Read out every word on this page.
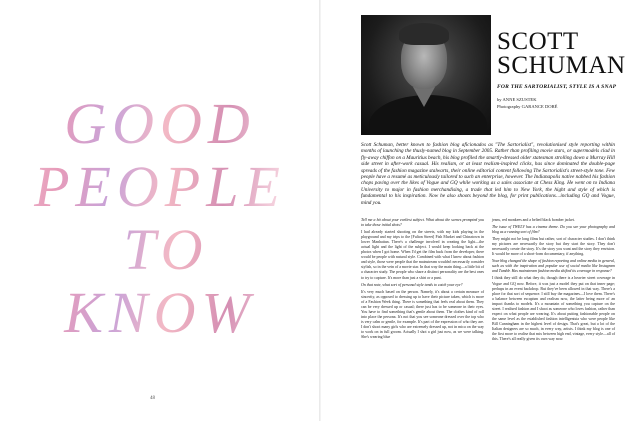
GOOD
PEOPLE
TO
KNOW
48
SCOTT
SCHUMAN
FOR THE SARTORIALIST, STYLE IS A SNAP
by ANNE SZUSTEK
Photography GARANCE DORÉ
Scott Schuman, better known to fashion blog aficionados as "The Sartorialist", revolutionised style reporting within months of launching the thusly-named blog in September 2005. Rather than profiling movie stars, or supermodels clad in fly-away chiffon on a Mauritius beach, his blog profiled the smartly-dressed older statesman strolling down a Murray Hill side street in after-work casual. His realism, or at least realism-inspired clicks, has since dominated the double-page spreads of the fashion magazine stalwarts, their online editorial content following The Sartorialist's street-style tone. Few people have a resumé as meticulously tailored to such an enterprise, however. The Indianapolis native nabbed his fashion chops paving over the likes of Vogue and GQ while working as a sales associate at Chess King. He went on to Indiana University to major in fashion merchandising, a trade that led him to New York, the hight and style of which is fundamental to his inspiration. Now he also shoots beyond the blog, for print publications…including GQ and Vogue, mind you.

Tell me a bit about your earliest subject. What about the scenes prompted you to take those initial shots?

I had already started shooting on the streets, with my kids playing in the playground and my trips to the [Fulton Street] Fish Market and Chinatown in lower Manhattan. There's a challenge involved in creating the light—the actual light and the light of the subject. I would keep looking back at the photos when I got home. When I'd get the film back from the developer, there would be people with natural style. Combined with what I knew about fashion and style, those were people that the mainstream wouldn't necessarily consider stylish, so in the vein of a movie star. In that way the main thing—a little bit of a character study. The people who share a distinct personality are the best ones to try to capture. It's more than just a shirt or a pant.

On that note, what sort of personal style tends to catch your eye?

It's very much based on the person. Namely, it's about a certain measure of sincerity, as opposed to dressing up to have their picture taken, which is more of a Fashion Week thing. There is something that feels real about them. They can be very dressed up or casual; there just has to be someone in their eyes. You have to find something that's gentle about them. The clothes kind of roll into place the persona. It's not that you see someone dressed over the top who is very calm or gentle, for example. It's part of the expression of who they are. I don't shoot many girls who are extremely dressed up, not in mica on the way to work on in full groom. Actually I shot a girl just now, as we were talking. She's wearing blue

jeans, red monkees and a belted black bomber jacket.

The issue of TWELV has a cinema theme. Do you see your photography and blog as a running sort of film?

They might not be long films but rather, sort of character studies. I don't think my pictures are necessarily the story but they start the story. They don't necessarily create the story. It's the story you want and the story they envision. It would be more of a short-form documentary, if anything.

Your blog changed the shape of fashion reporting and online media in general, such as with the inspiration and popular use of social media like Instagram and Tumblr. Has mainstream fashion media shifted its coverage in response?

I think they still do what they do, though there is a heavier street coverage in Vogue and GQ now. Before, it was just a model they put on that inner page; perhaps in an event backdrop. But they've been allowed in that way. There's a place for that sort of sequence. I still buy the magazines—I love them. There's a balance between escapism and realism now, the latter being more of an impact thanks to models. It's a mountain of something you capture on the street. I realised fashion and I shoot as someone who loves fashion, rather than expect on what people are wearing. It's about putting fashionable people on the same level as the established fashion intelligentsia who were people like Bill Cunningham in the highest level of design. That's great, but a lot of the Italian designers are so much, in every way, artists. I think my blog is one of the first more to realise that mix between high end, vintage, every style—all of this. There's all really given its own way now.
